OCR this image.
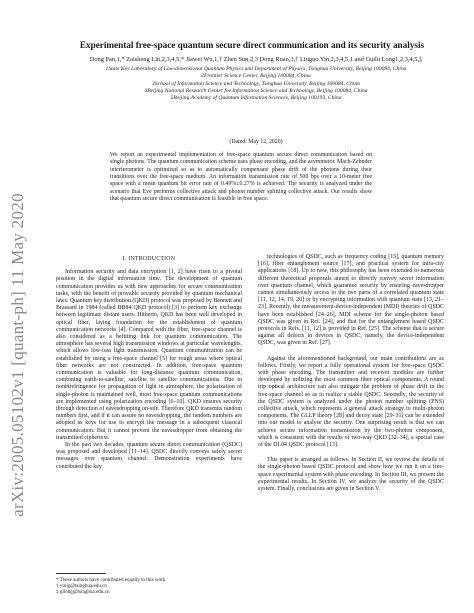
arXiv:2005.05102v1 [quant-ph] 11 May 2020
Experimental free-space quantum secure direct communication and its security analysis
Dong Pan,1,* Zaisheng Lin,2,3,4,5,* Jiawei Wu,1,† Zhen Sun,2,3 Dong Ruan,3,† Liuguo Yin,2,3,4,5,1 and Guilu Long1,2,3,4,5,‡
1State Key Laboratory of Low-dimensional Quantum Physics and Department of Physics, Tsinghua University, Beijing 100084, China
2Frontier Science Center, Beijing 100084, China
3School of Information Science and Technology, Tsinghua University, Beijing 100084, China
4Beijing National Research Center for Information Science and Technology, Beijing 100084, China
5Beijing Academy of Quantum Information Sciences, Beijing 100193, China
(Dated: May 12, 2020)
We report an experimental implementation of free-space quantum secure direct communication based on single photons. The quantum communication scheme uses phase encoding, and the asymmetric Mach-Zehnder interferometer is optimized so as to automatically compensate phase drift of the photons during their transitions over the free-space medium. An information transmission rate of 500 bps over a 10-meter free space with a mean quantum bit error rate of 0.49%±0.27% is achieved. The security is analyzed under the scenario that Eve performs collective attack and photon number splitting collective attack. Our results show that quantum secure direct communication is feasible in free space.
I. INTRODUCTION

Information security and data encryption [1, 2] have risen to a pivotal position in the digital information time. The development of quantum communication provides us with new approaches for secure communication tasks, with the benefit of provable security provided by quantum mechanical laws. Quantum key distribution (QKD) protocol was proposed by Bennett and Brassard in 1984 (called BB84 QKD protocol) [3] to perform key exchange between legitimate distant users. Hitherto, QKD has been well developed in optical fiber, laying foundation for the establishment of quantum communication networks [4]. Compared with the fiber, free-space channel is also considered as a befitting link for quantum communication. The atmosphere has several high transmission windows at particular wavelengths, which allows low-loss light transmission. Quantum communication can be established by using a free-space channel [5] for rough areas where optical fiber networks are not constructed. In addition, free-space quantum communication is valuable for long-distance quantum communication, combining earth-to-satellite, satellite to satellite communications. Due to nonbirefringence for propagation of light in atmosphere, the polarization of single-photon is maintained well, most free-space quantum communications are implemented using polarization encoding [6–10]. QKD ensures security through detection of eavesdropping on-site. Therefore QKD transmits random numbers first, and if it can assure no eavesdropping, the random numbers are adopted as keys for use to encrypt the message in a subsequent classical communication. But it cannot prevent the eavesdropper from obtaining the transmitted ciphertext.

In the past two decades, quantum secure direct communication (QSDC) was proposed and developed [11–14]. QSDC directly conveys safely secret messages over quantum channel. Demonstration experiments have contributed the key

technologies of QSDC, such as frequency coding [15], quantum memory [16], fiber entanglement source [17], and practical system for intra-city applications [18]. Up to now, this philosophy has been extended to numerous different theoretical proposals aimed to directly convey secret information over quantum channel, which guarantee security by ensuring eavesdropper cannot simultaneously access to the two parts of a correlated quantum state [11, 12, 14, 19, 20] or by encrypting information with quantum state [13, 21–23]. Recently, the measurement-device-independent (MDI) theories of QSDC have been established [24–26], MDI scheme for the single-photon based QSDC was given in Ref. [24], and that for the entanglement based QSDC protocols in Refs. [11, 12] is provided in Ref. [25]. The scheme that is secure against all defects in devices in QSDC, namely, the device-independent QSDC, was given in Ref. [27].

Against the aforementioned background, our main contributions are as follows. Firstly, we report a fully operational system for free-space QSDC with phase encoding. The transmitter and receiver modules are further developed by utilizing the most common fiber optical components. A round trip optical architecture can also mitigate the problem of phase drift in the free-space channel so as to realize a stable QSDC. Secondly, the security of the QSDC system is analyzed under the photon number splitting (PNS) collective attack, which represents a general attack strategy to multi-photon components. The GLLP theory [28] and decoy state [29–31] can be extended into our model to analyse the security. One surprising result is that we can achieve secure information transmission by the two-photon component, which is consistent with the results of two-way QKD [32–34], a special case of the DL04 QSDC protocol [13].

This paper is arranged as follows. In Section II, we review the details of the single-photon based QSDC protocol and show how we run it on a free-space experimental system with phase encoding. In Section III, we present the experimental results. In Section IV, we analyze the security of the QSDC system. Finally, conclusions are given in Section V.

* These authors have contributed equally to this work
† yinlg@tsinghua.edu.cn
‡ gllong@tsinghua.edu.cn
